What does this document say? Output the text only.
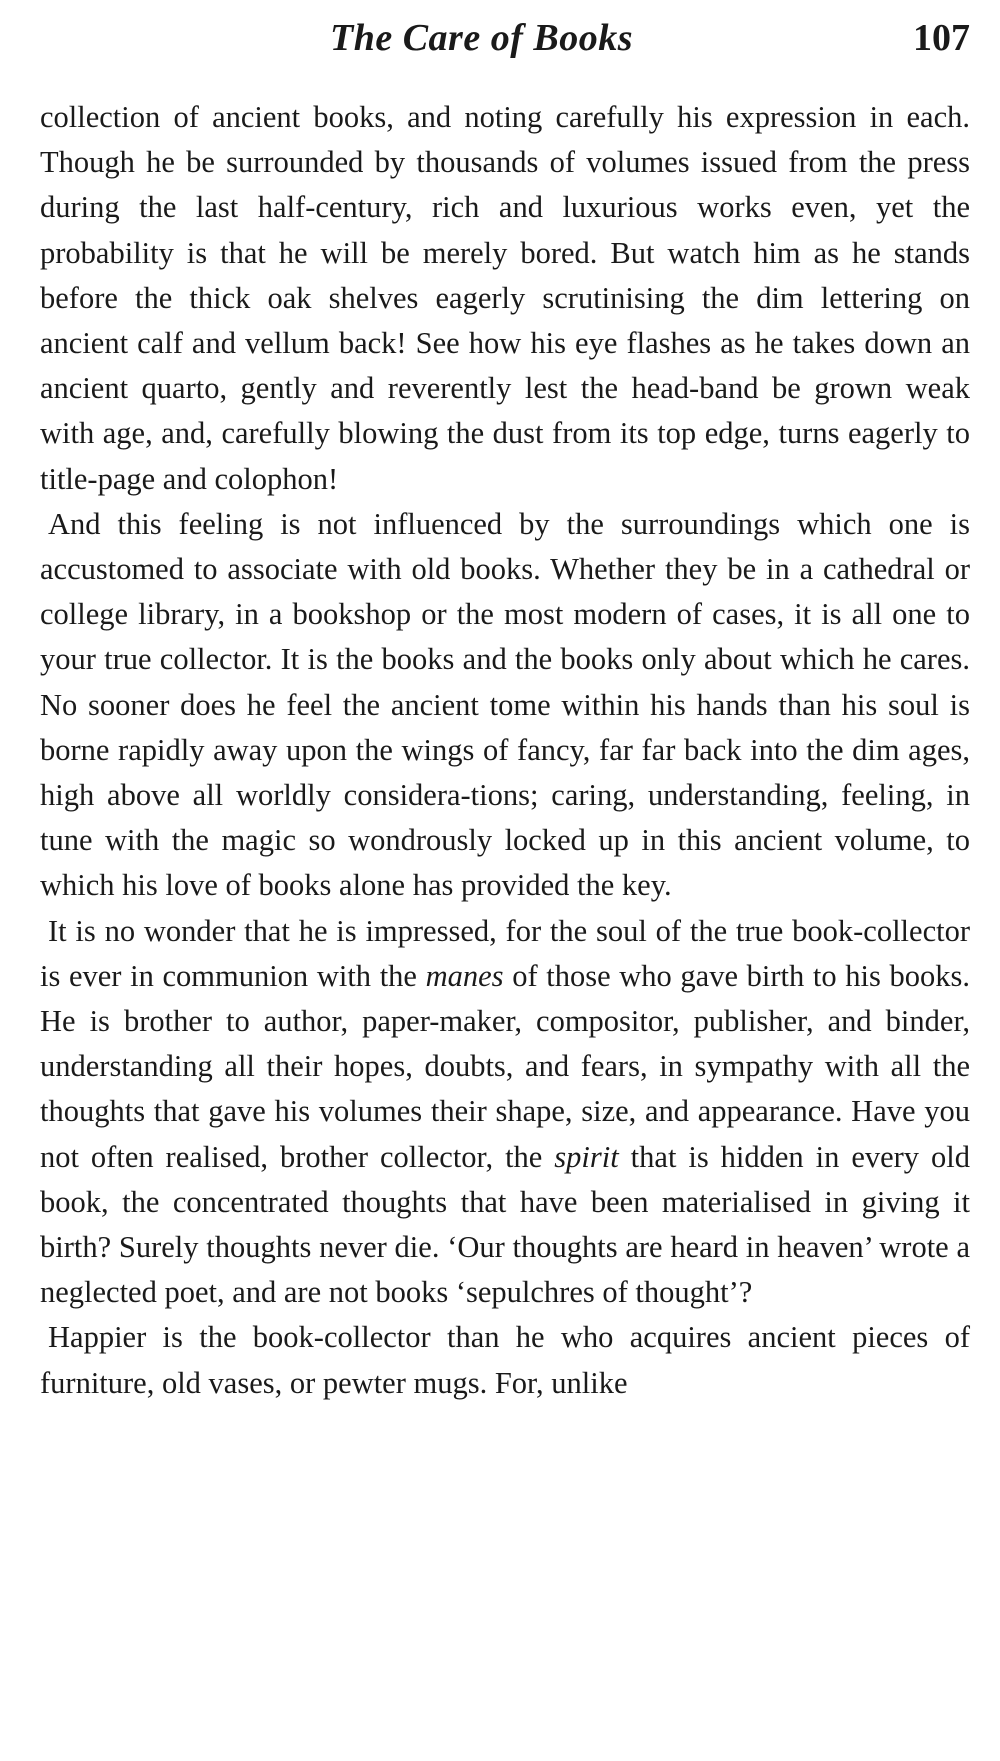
The Care of Books	107

collection of ancient books, and noting carefully his expression in each. Though he be surrounded by thousands of volumes issued from the press during the last half-century, rich and luxurious works even, yet the probability is that he will be merely bored. But watch him as he stands before the thick oak shelves eagerly scrutinising the dim lettering on ancient calf and vellum back! See how his eye flashes as he takes down an ancient quarto, gently and reverently lest the head-band be grown weak with age, and, carefully blowing the dust from its top edge, turns eagerly to title-page and colophon!

And this feeling is not influenced by the surroundings which one is accustomed to associate with old books. Whether they be in a cathedral or college library, in a bookshop or the most modern of cases, it is all one to your true collector. It is the books and the books only about which he cares. No sooner does he feel the ancient tome within his hands than his soul is borne rapidly away upon the wings of fancy, far far back into the dim ages, high above all worldly considera-tions; caring, understanding, feeling, in tune with the magic so wondrously locked up in this ancient volume, to which his love of books alone has provided the key.

It is no wonder that he is impressed, for the soul of the true book-collector is ever in communion with the manes of those who gave birth to his books. He is brother to author, paper-maker, compositor, publisher, and binder, understanding all their hopes, doubts, and fears, in sympathy with all the thoughts that gave his volumes their shape, size, and appearance. Have you not often realised, brother collector, the spirit that is hidden in every old book, the concentrated thoughts that have been materialised in giving it birth? Surely thoughts never die. ‘Our thoughts are heard in heaven’ wrote a neglected poet, and are not books ‘sepulchres of thought’?

Happier is the book-collector than he who acquires ancient pieces of furniture, old vases, or pewter mugs. For, unlike
